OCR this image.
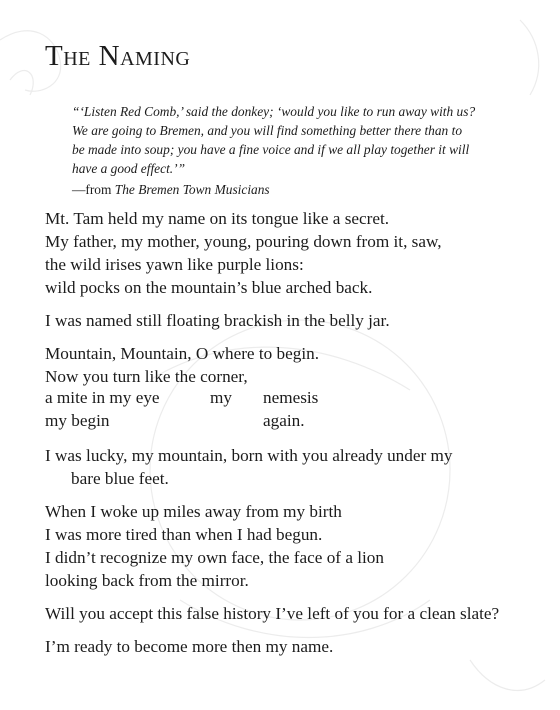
The Naming
“‘Listen Red Comb,’ said the donkey; ‘would you like to run away with us?
We are going to Bremen, and you will find something better there than to
be made into soup; you have a fine voice and if we all play together it will
have a good effect.’”
—from The Bremen Town Musicians
Mt. Tam held my name on its tongue like a secret.
My father, my mother, young, pouring down from it, saw,
the wild irises yawn like purple lions:
wild pocks on the mountain’s blue arched back.
I was named still floating brackish in the belly jar.
Mountain, Mountain, O where to begin.
Now you turn like the corner,
a mite in my eye	my nemesis
my begin	again.
I was lucky, my mountain, born with you already under my
bare blue feet.
When I woke up miles away from my birth
I was more tired than when I had begun.
I didn’t recognize my own face, the face of a lion
looking back from the mirror.
Will you accept this false history I’ve left of you for a clean slate?
I’m ready to become more then my name.
